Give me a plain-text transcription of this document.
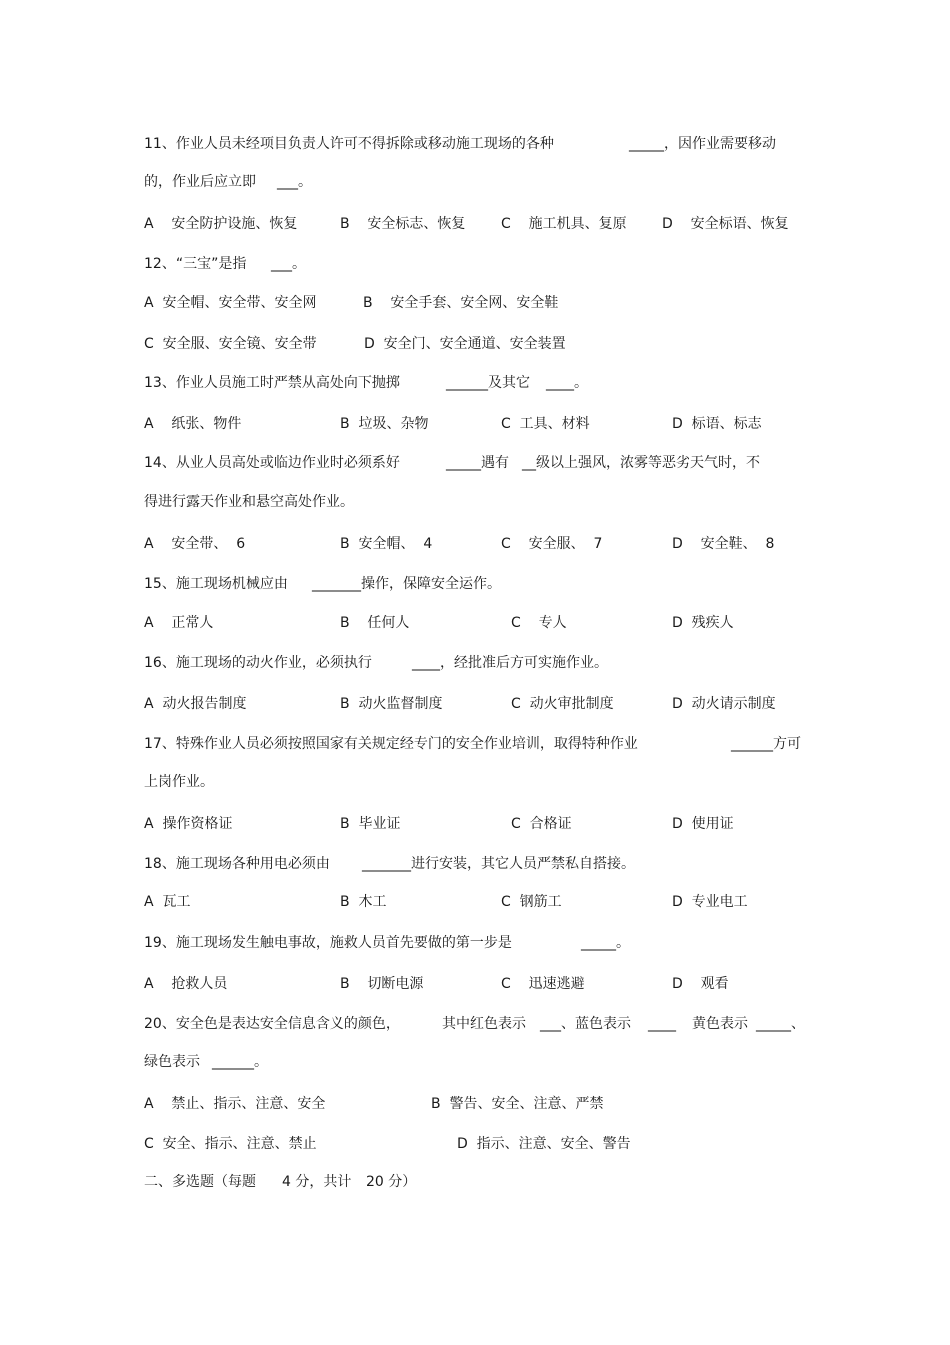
11、作业人员未经项目负责人许可不得拆除或移动施工现场的各种	_____，因作业需要移动
的，作业后应立即 ___。
A    安全防护设施、恢复	B    安全标志、恢复	C    施工机具、复原	D    安全标语、恢复
12、“三宝”是指 ___。
A  安全帽、安全带、安全网	B    安全手套、安全网、安全鞋
C  安全服、安全镜、安全带	D  安全门、安全通道、安全装置
13、作业人员施工时严禁从高处向下抛掷	______及其它 ____。
A    纸张、物件	B  垃圾、杂物	C  工具、材料	D  标语、标志
14、从业人员高处或临边作业时必须系好	_____遇有 __级以上强风，浓雾等恶劣天气时，不
得进行露天作业和悬空高处作业。
A    安全带、  6	B  安全帽、  4	C    安全服、  7	D    安全鞋、  8
15、施工现场机械应由 _______操作，保障安全运作。
A    正常人	B    任何人	C    专人	D  残疾人
16、施工现场的动火作业，必须执行	____，经批准后方可实施作业。
A  动火报告制度	B  动火监督制度	C  动火审批制度	D  动火请示制度
17、特殊作业人员必须按照国家有关规定经专门的安全作业培训，取得特种作业	______方可
上岗作业。
A  操作资格证	B  毕业证	C  合格证	D  使用证
18、施工现场各种用电必须由 _______进行安装，其它人员严禁私自搭接。
A  瓦工	B  木工	C  钢筋工	D  专业电工
19、施工现场发生触电事故，施救人员首先要做的第一步是	_____。
A    抢救人员	B    切断电源	C    迅速逃避	D    观看
20、安全色是表达安全信息含义的颜色，	其中红色表示 ___、蓝色表示 ____ 黄色表示 _____、
绿色表示 ______。
A    禁止、指示、注意、安全	B  警告、安全、注意、严禁
C  安全、指示、注意、禁止	D  指示、注意、安全、警告
二、多选题（每题 4 分，共计 20 分）
